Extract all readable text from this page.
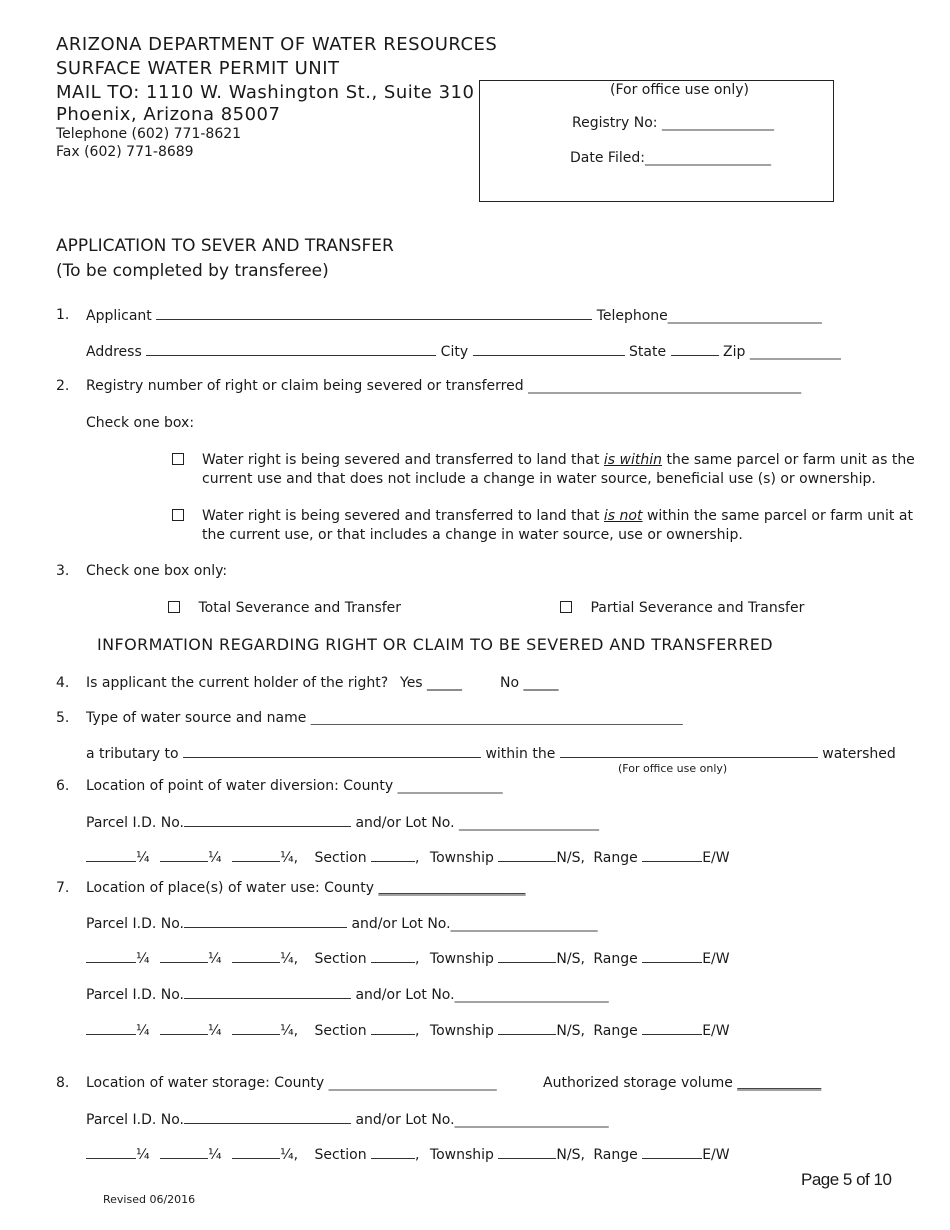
ARIZONA DEPARTMENT OF WATER RESOURCES
SURFACE WATER PERMIT UNIT
MAIL TO: 1110 W. Washington St., Suite 310
Phoenix, Arizona 85007
Telephone (602) 771-8621
Fax (602) 771-8689
(For office use only)
Registry No: ________________
Date Filed:__________________
APPLICATION TO SEVER AND TRANSFER
(To be completed by transferee)
1. Applicant	Telephone______________________
Address	City	State	Zip _____________
2. Registry number of right or claim being severed or transferred _______________________________________
Check one box:
Water right is being severed and transferred to land that is within the same parcel or farm unit as the
current use and that does not include a change in water source, beneficial use (s) or ownership.
Water right is being severed and transferred to land that is not within the same parcel or farm unit at
the current use, or that includes a change in water source, use or ownership.
3. Check one box only:
Total Severance and Transfer	Partial Severance and Transfer
INFORMATION REGARDING RIGHT OR CLAIM TO BE SEVERED AND TRANSFERRED
4. Is applicant the current holder of the right? Yes _____	No _____
5. Type of water source and name ______________________________________________________________
a tributary to	within the	watershed
(For office use only)
6. Location of point of water diversion: County _______________
Parcel I.D. No.	and/or Lot No. ____________________
¼	¼	¼, Section	, Township	N/S, Range	E/W
7. Location of place(s) of water use: County _____________________
Parcel I.D. No.	and/or Lot No._____________________
¼	¼	¼, Section	, Township	N/S, Range	E/W
Parcel I.D. No.	and/or Lot No.______________________
¼	¼	¼, Section	, Township	N/S, Range	E/W
8. Location of water storage: County ________________________	Authorized storage volume ____________
Parcel I.D. No.	and/or Lot No.______________________
¼	¼	¼, Section	, Township	N/S, Range	E/W
Page 5 of 10
Revised 06/2016
